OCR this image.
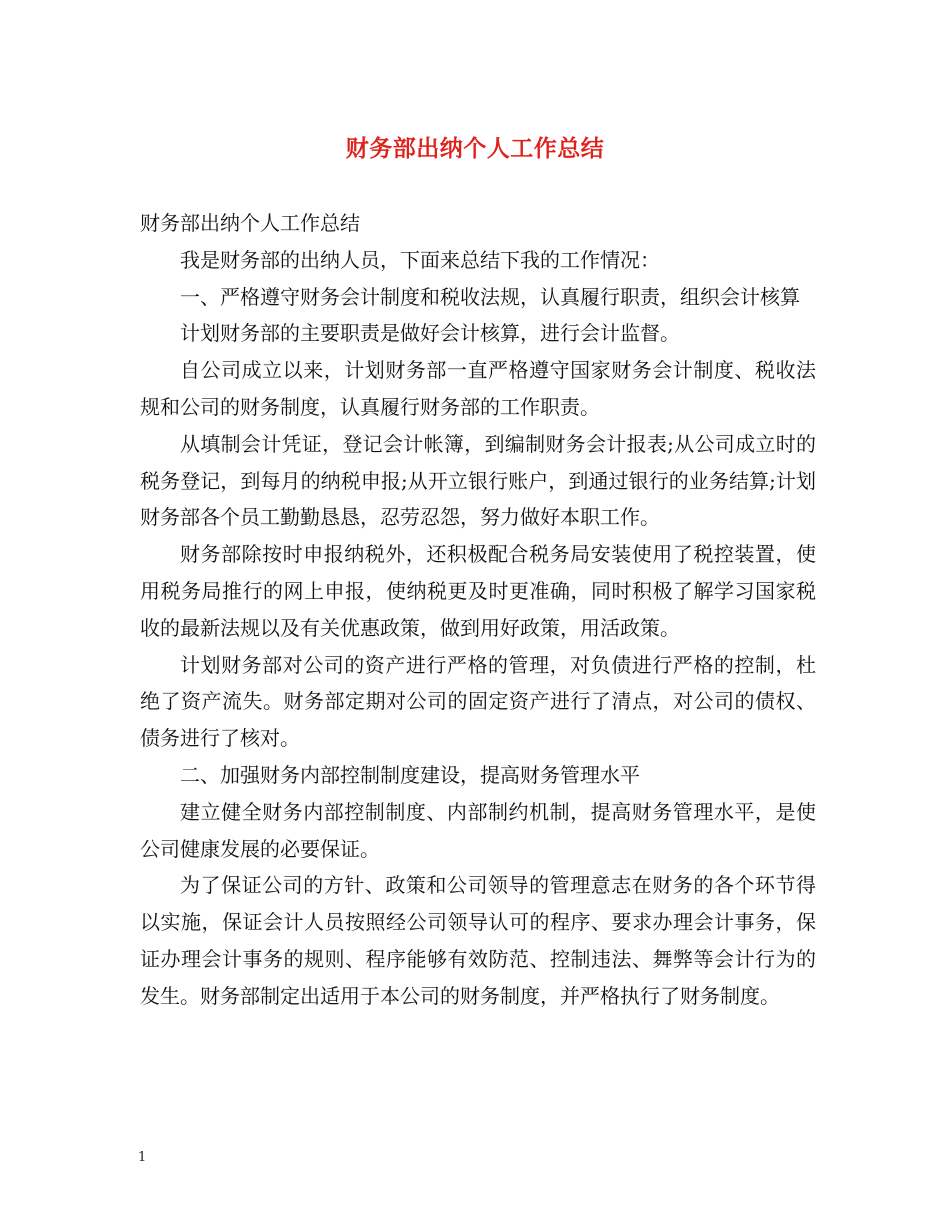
财务部出纳个人工作总结

财务部出纳个人工作总结

我是财务部的出纳人员，下面来总结下我的工作情况：

一、严格遵守财务会计制度和税收法规，认真履行职责，组织会计核算

计划财务部的主要职责是做好会计核算，进行会计监督。

自公司成立以来，计划财务部一直严格遵守国家财务会计制度、税收法规和公司的财务制度，认真履行财务部的工作职责。

从填制会计凭证，登记会计帐簿，到编制财务会计报表;从公司成立时的税务登记，到每月的纳税申报;从开立银行账户，到通过银行的业务结算;计划财务部各个员工勤勤恳恳，忍劳忍怨，努力做好本职工作。

财务部除按时申报纳税外，还积极配合税务局安装使用了税控装置，使用税务局推行的网上申报，使纳税更及时更准确，同时积极了解学习国家税收的最新法规以及有关优惠政策，做到用好政策，用活政策。

计划财务部对公司的资产进行严格的管理，对负债进行严格的控制，杜绝了资产流失。财务部定期对公司的固定资产进行了清点，对公司的债权、债务进行了核对。

二、加强财务内部控制制度建设，提高财务管理水平

建立健全财务内部控制制度、内部制约机制，提高财务管理水平，是使公司健康发展的必要保证。

为了保证公司的方针、政策和公司领导的管理意志在财务的各个环节得以实施，保证会计人员按照经公司领导认可的程序、要求办理会计事务，保证办理会计事务的规则、程序能够有效防范、控制违法、舞弊等会计行为的发生。财务部制定出适用于本公司的财务制度，并严格执行了财务制度。

1
